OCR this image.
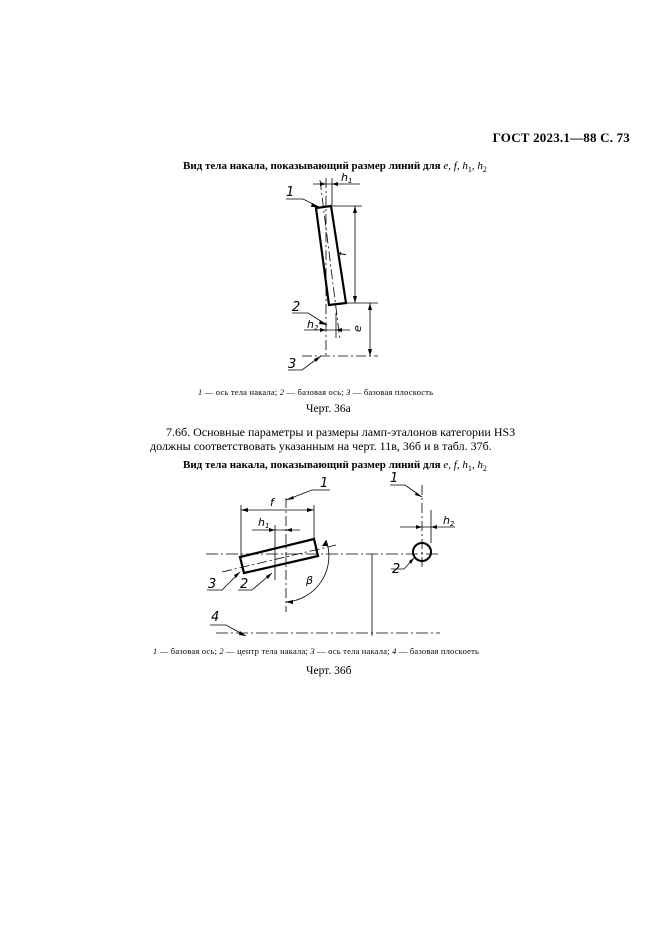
ГОСТ 2023.1—88 С. 73
Вид тела накала, показывающий размер линий для e, f, $h_1$, $h_2$
1
2
3
h 1
h 2
f
e
1 — ось тела накала; 2 — базовая ось; 3 — базовая плоскость
Черт. 36а

7.6б. Основные параметры и размеры ламп-эталонов категории HS3

должны соответствовать указанным на черт. 11в, 36б и в табл. 37б.

Вид тела накала, показывающий размер линий для e, f, $h_1$, $h_2$
1
3 2
4
1
2
f
h 1	h 2
β
1 — базовая ось; 2 — центр тела накала; 3 — ось тела накала; 4 — базовая плоскоеть
Черт. 36б
